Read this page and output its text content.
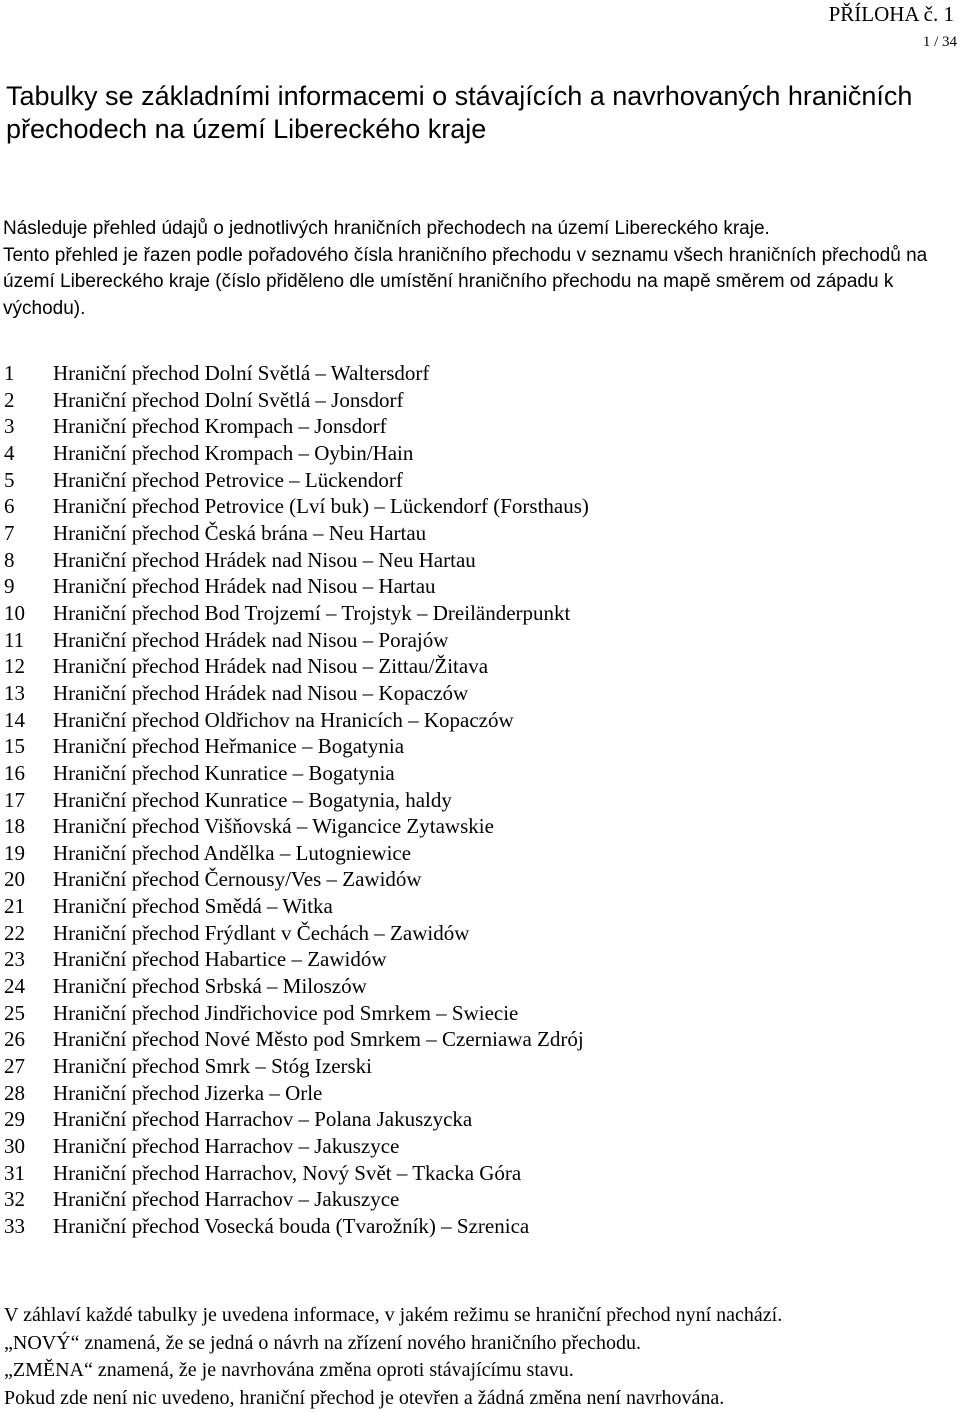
PŘÍLOHA č. 1
1 / 34
Tabulky se základními informacemi o stávajících a navrhovaných hraničních přechodech na území Libereckého kraje
Následuje přehled údajů o jednotlivých hraničních přechodech na území Libereckého kraje.
Tento přehled je řazen podle pořadového čísla hraničního přechodu v seznamu všech hraničních přechodů na území Libereckého kraje (číslo přiděleno dle umístění hraničního přechodu na mapě směrem od západu k východu).
1 Hraniční přechod Dolní Světlá – Waltersdorf
2 Hraniční přechod Dolní Světlá – Jonsdorf
3 Hraniční přechod Krompach – Jonsdorf
4 Hraniční přechod Krompach – Oybin/Hain
5 Hraniční přechod Petrovice – Lückendorf
6 Hraniční přechod Petrovice (Lví buk) – Lückendorf (Forsthaus)
7 Hraniční přechod Česká brána – Neu Hartau
8 Hraniční přechod Hrádek nad Nisou – Neu Hartau
9 Hraniční přechod Hrádek nad Nisou – Hartau
10 Hraniční přechod Bod Trojzemí – Trojstyk – Dreiländerpunkt
11 Hraniční přechod Hrádek nad Nisou – Porajów
12 Hraniční přechod Hrádek nad Nisou – Zittau/Žitava
13 Hraniční přechod Hrádek nad Nisou – Kopaczów
14 Hraniční přechod Oldřichov na Hranicích – Kopaczów
15 Hraniční přechod Heřmanice – Bogatynia
16 Hraniční přechod Kunratice – Bogatynia
17 Hraniční přechod Kunratice – Bogatynia, haldy
18 Hraniční přechod Višňovská – Wigancice Zytawskie
19 Hraniční přechod Andělka – Lutogniewice
20 Hraniční přechod Černousy/Ves – Zawidów
21 Hraniční přechod Smědá – Witka
22 Hraniční přechod Frýdlant v Čechách – Zawidów
23 Hraniční přechod Habartice – Zawidów
24 Hraniční přechod Srbská – Miloszów
25 Hraniční přechod Jindřichovice pod Smrkem – Swiecie
26 Hraniční přechod Nové Město pod Smrkem – Czerniawa Zdrój
27 Hraniční přechod Smrk – Stóg Izerski
28 Hraniční přechod Jizerka – Orle
29 Hraniční přechod Harrachov – Polana Jakuszycka
30 Hraniční přechod Harrachov – Jakuszyce
31 Hraniční přechod Harrachov, Nový Svět – Tkacka Góra
32 Hraniční přechod Harrachov – Jakuszyce
33 Hraniční přechod Vosecká bouda (Tvarožník) – Szrenica
V záhlaví každé tabulky je uvedena informace, v jakém režimu se hraniční přechod nyní nachází.
„NOVÝ“ znamená, že se jedná o návrh na zřízení nového hraničního přechodu.
„ZMĚNA“ znamená, že je navrhována změna oproti stávajícímu stavu.
Pokud zde není nic uvedeno, hraniční přechod je otevřen a žádná změna není navrhována.
